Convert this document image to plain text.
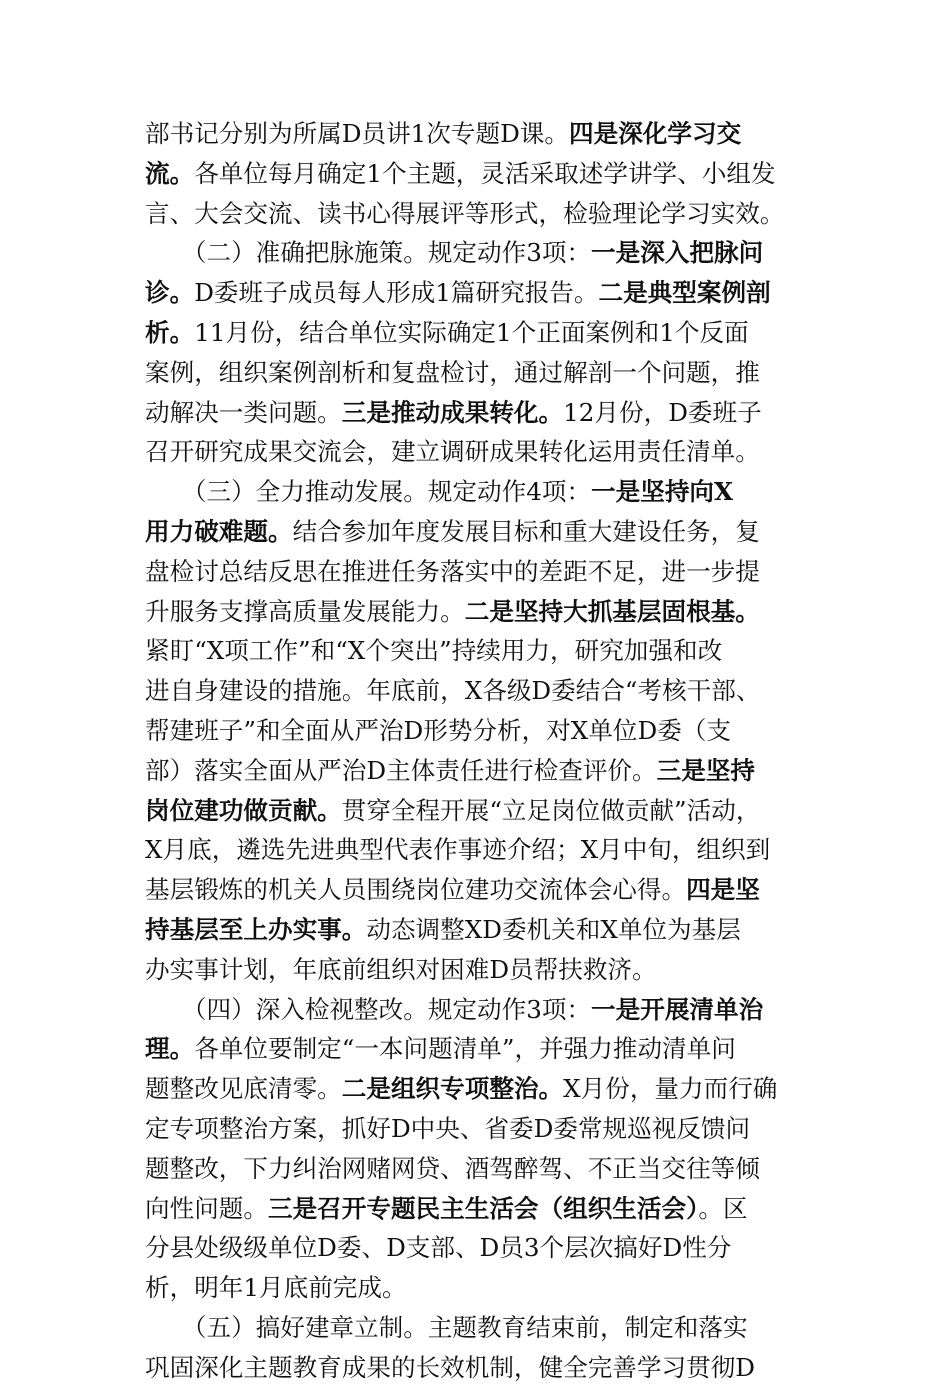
部书记分别为所属D员讲1次专题D课。四是深化学习交
流。各单位每月确定1个主题，灵活采取述学讲学、小组发
言、大会交流、读书心得展评等形式，检验理论学习实效。
　　（二）准确把脉施策。规定动作3项：一是深入把脉问
诊。D委班子成员每人形成1篇研究报告。二是典型案例剖
析。11月份，结合单位实际确定1个正面案例和1个反面
案例，组织案例剖析和复盘检讨，通过解剖一个问题，推
动解决一类问题。三是推动成果转化。12月份，D委班子
召开研究成果交流会，建立调研成果转化运用责任清单。
　　（三）全力推动发展。规定动作4项：一是坚持向X
用力破难题。结合参加年度发展目标和重大建设任务，复
盘检讨总结反思在推进任务落实中的差距不足，进一步提
升服务支撑高质量发展能力。二是坚持大抓基层固根基。
紧盯“X项工作”和“X个突出”持续用力，研究加强和改
进自身建设的措施。年底前，X各级D委结合“考核干部、
帮建班子”和全面从严治D形势分析，对X单位D委（支
部）落实全面从严治D主体责任进行检查评价。三是坚持
岗位建功做贡献。贯穿全程开展“立足岗位做贡献”活动，
X月底，遴选先进典型代表作事迹介绍；X月中旬，组织到
基层锻炼的机关人员围绕岗位建功交流体会心得。四是坚
持基层至上办实事。动态调整XD委机关和X单位为基层
办实事计划，年底前组织对困难D员帮扶救济。
　　（四）深入检视整改。规定动作3项：一是开展清单治
理。各单位要制定“一本问题清单”，并强力推动清单问
题整改见底清零。二是组织专项整治。X月份，量力而行确
定专项整治方案，抓好D中央、省委D委常规巡视反馈问
题整改，下力纠治网赌网贷、酒驾醉驾、不正当交往等倾
向性问题。三是召开专题民主生活会（组织生活会）。区
分县处级级单位D委、D支部、D员3个层次搞好D性分
析，明年1月底前完成。
　　（五）搞好建章立制。主题教育结束前，制定和落实
巩固深化主题教育成果的长效机制，健全完善学习贯彻D
